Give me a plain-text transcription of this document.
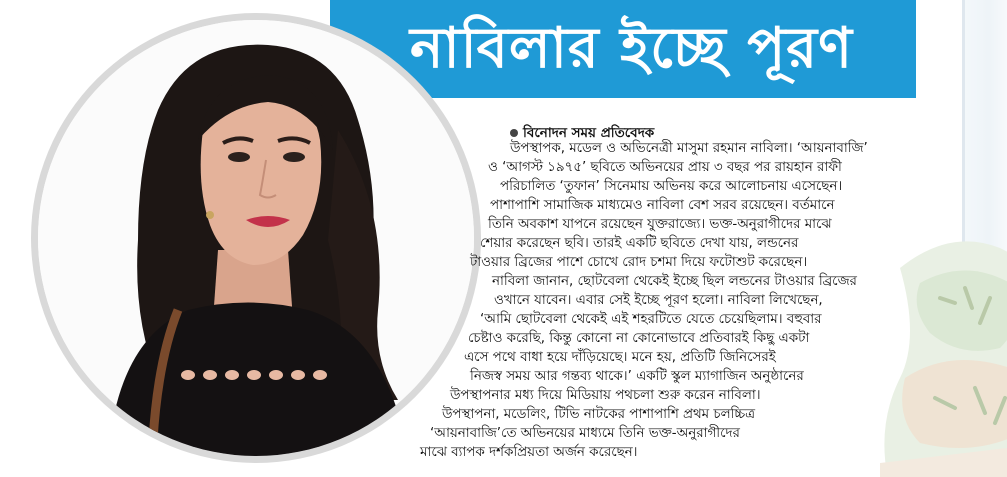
নাবিলার ইচ্ছে পূরণ
বিনোদন সময় প্রতিবেদক
উপস্থাপক, মডেল ও অভিনেত্রী মাসুমা রহমান নাবিলা। ‘আয়নাবাজি’
ও ‘আগস্ট ১৯৭৫’ ছবিতে অভিনয়ের প্রায় ৩ বছর পর রায়হান রাফী
পরিচালিত ‘তুফান’ সিনেমায় অভিনয় করে আলোচনায় এসেছেন।
পাশাপাশি সামাজিক মাধ্যমেও নাবিলা বেশ সরব রয়েছেন। বর্তমানে
তিনি অবকাশ যাপনে রয়েছেন যুক্তরাজ্যে। ভক্ত-অনুরাগীদের মাঝে
শেয়ার করেছেন ছবি। তারই একটি ছবিতে দেখা যায়, লন্ডনের
টাওয়ার ব্রিজের পাশে চোখে রোদ চশমা দিয়ে ফটোশুট করেছেন।
নাবিলা জানান, ছোটবেলা থেকেই ইচ্ছে ছিল লন্ডনের টাওয়ার ব্রিজের
ওখানে যাবেন। এবার সেই ইচ্ছে পূরণ হলো। নাবিলা লিখেছেন,
‘আমি ছোটবেলা থেকেই এই শহরটিতে যেতে চেয়েছিলাম। বহুবার
চেষ্টাও করেছি, কিন্তু কোনো না কোনোভাবে প্রতিবারই কিছু একটা
এসে পথে বাধা হয়ে দাঁড়িয়েছে। মনে হয়, প্রতিটি জিনিসেরই
নিজস্ব সময় আর গন্তব্য থাকে।’ একটি স্কুল ম্যাগাজিন অনুষ্ঠানের
উপস্থাপনার মধ্য দিয়ে মিডিয়ায় পথচলা শুরু করেন নাবিলা।
উপস্থাপনা, মডেলিং, টিভি নাটকের পাশাপাশি প্রথম চলচ্চিত্র
‘আয়নাবাজি’তে অভিনয়ের মাধ্যমে তিনি ভক্ত-অনুরাগীদের
মাঝে ব্যাপক দর্শকপ্রিয়তা অর্জন করেছেন।
